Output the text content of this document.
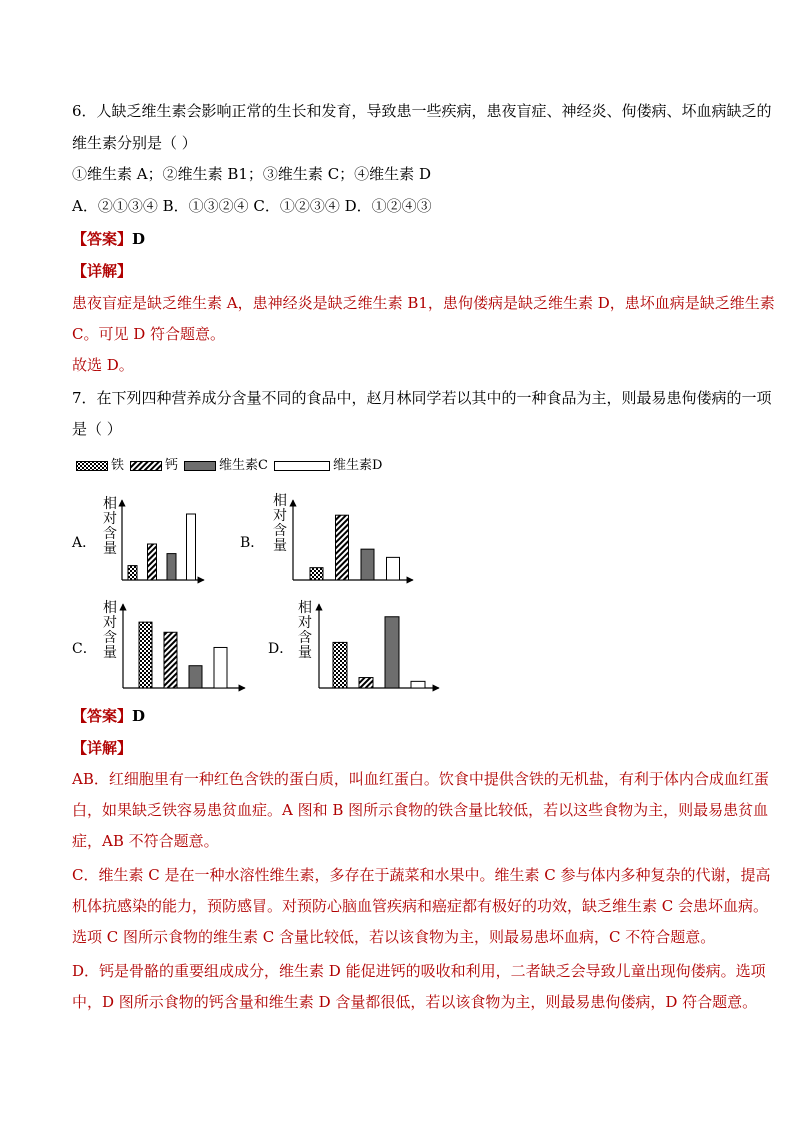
6．人缺乏维生素会影响正常的生长和发育，导致患一些疾病，患夜盲症、神经炎、佝偻病、坏血病缺乏的
维生素分别是（ ）
①维生素 A；②维生素 B1；③维生素 C；④维生素 D
A．②①③④ B．①③②④ C．①②③④ D．①②④③
【答案】D
【详解】
患夜盲症是缺乏维生素 A，患神经炎是缺乏维生素 B1，患佝偻病是缺乏维生素 D，患坏血病是缺乏维生素
C。可见 D 符合题意。
故选 D。
7．在下列四种营养成分含量不同的食品中，赵月林同学若以其中的一种食品为主，则最易患佝偻病的一项
是（ ）
铁	钙	维生素C	维生素D
A．	B．
C．	D．
相
对
含
量
相
对
含
量
相
对
含
量
相
对
含
量
【答案】D
【详解】
AB．红细胞里有一种红色含铁的蛋白质，叫血红蛋白。饮食中提供含铁的无机盐，有利于体内合成血红蛋
白，如果缺乏铁容易患贫血症。A 图和 B 图所示食物的铁含量比较低，若以这些食物为主，则最易患贫血
症，AB 不符合题意。
C．维生素 C 是在一种水溶性维生素，多存在于蔬菜和水果中。维生素 C 参与体内多种复杂的代谢，提高
机体抗感染的能力，预防感冒。对预防心脑血管疾病和癌症都有极好的功效，缺乏维生素 C 会患坏血病。
选项 C 图所示食物的维生素 C 含量比较低，若以该食物为主，则最易患坏血病，C 不符合题意。
D．钙是骨骼的重要组成成分，维生素 D 能促进钙的吸收和利用，二者缺乏会导致儿童出现佝偻病。选项
中，D 图所示食物的钙含量和维生素 D 含量都很低，若以该食物为主，则最易患佝偻病，D 符合题意。
